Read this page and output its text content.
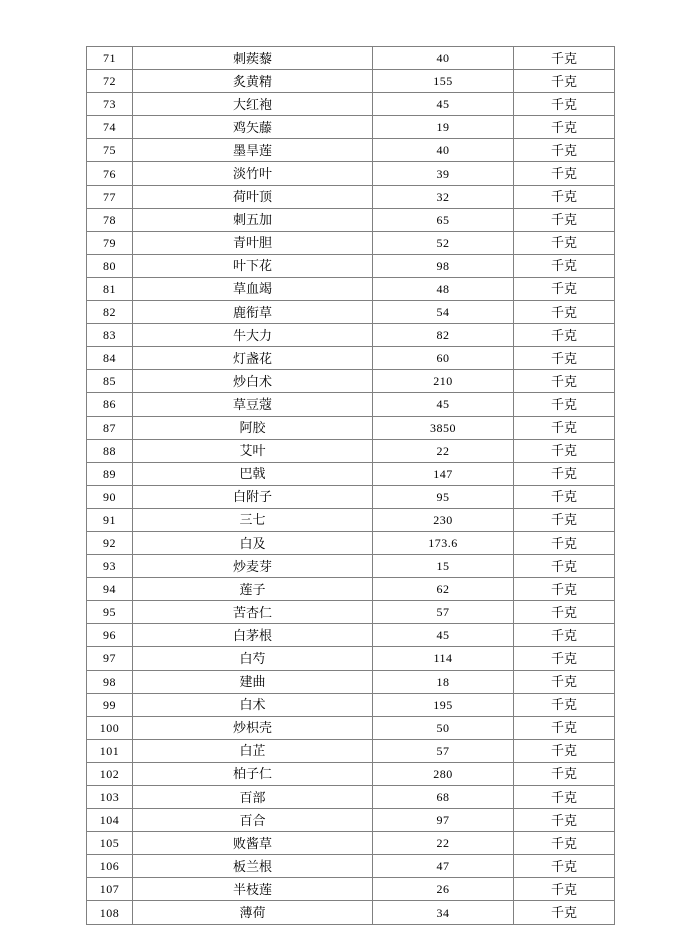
71	刺蒺藜	40	千克
72	炙黄精	155	千克
73	大红袍	45	千克
74	鸡矢藤	19	千克
75	墨旱莲	40	千克
76	淡竹叶	39	千克
77	荷叶顶	32	千克
78	刺五加	65	千克
79	青叶胆	52	千克
80	叶下花	98	千克
81	草血竭	48	千克
82	鹿衔草	54	千克
83	牛大力	82	千克
84	灯盏花	60	千克
85	炒白术	210	千克
86	草豆蔻	45	千克
87	阿胶	3850	千克
88	艾叶	22	千克
89	巴戟	147	千克
90	白附子	95	千克
91	三七	230	千克
92	白及	173.6	千克
93	炒麦芽	15	千克
94	莲子	62	千克
95	苦杏仁	57	千克
96	白茅根	45	千克
97	白芍	114	千克
98	建曲	18	千克
99	白术	195	千克
100	炒枳壳	50	千克
101	白芷	57	千克
102	柏子仁	280	千克
103	百部	68	千克
104	百合	97	千克
105	败酱草	22	千克
106	板兰根	47	千克
107	半枝莲	26	千克
108	薄荷	34	千克
